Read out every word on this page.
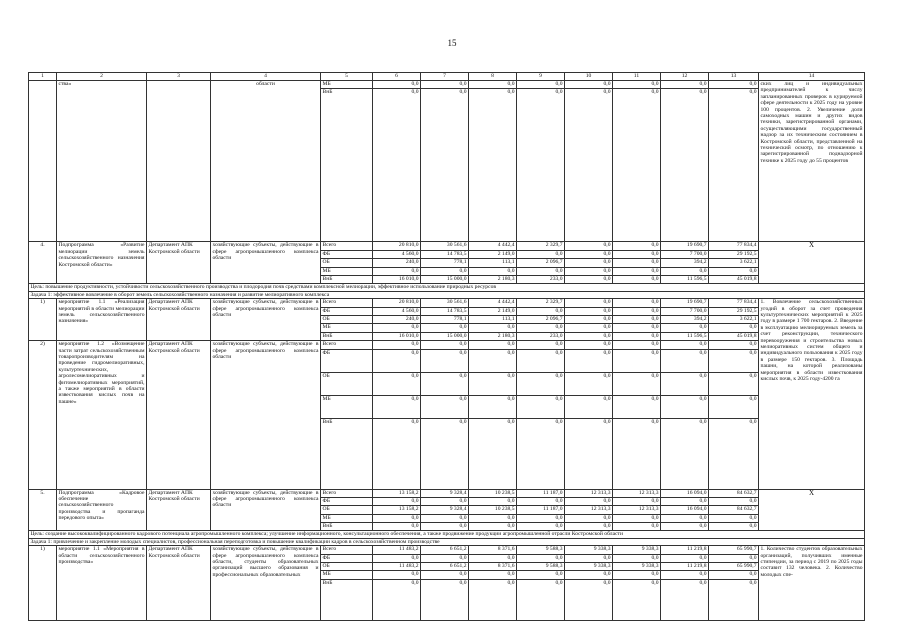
15
1	2	3	4	5	6	7	8	9	10	11	12	13	14
	ства»		области	МБ	0,0	0,0	0,0	0,0	0,0	0,0	0,0	0,0	ских лиц и индивидуальных предпринимателей к числу запланированных проверок в курируемой сфере деятельности к 2025 году на уровне 100 процентов. 2. Увеличение доли самоходных машин и других видов техники, зарегистрированной органами, осуществляющими государственный надзор за их техническим состоянием в Костромской области, представленной на технический осмотр, по отношению к зарегистрированной поднадзорной технике к 2025 году до 55 процентов
				ВнБ	0,0	0,0	0,0	0,0	0,0	0,0	0,0	0,0	
4.	Подпрограмма «Развитие мелиорации земель сельскохозяйственного назначения Костромской области»	Департамент АПК Костромской области	хозяйствующие субъекты, действующие в сфере агропромышленного комплекса области	Всего	20 810,0	30 561,6	4 442,4	2 329,7	0,0	0,0	19 690,7	77 834,4	Х
				ФБ	4 560,0	14 783,5	2 149,0	0,0	0,0	0,0	7 700,0	29 192,5	
				ОБ	240,0	778,1	113,1	2 096,7	0,0	0,0	394,2	3 622,1	
				МБ	0,0	0,0	0,0	0,0	0,0	0,0	0,0	0,0	
				ВнБ	16 010,0	15 000,0	2 180,3	233,0	0,0	0,0	11 596,5	45 019,8	
Цель: повышение продуктивности, устойчивости сельскохозяйственного производства и плодородия почв средствами комплексной мелиорации, эффективное использование природных ресурсов													
Задача 1: эффективное вовлечение в оборот земель сельскохозяйственного назначения и развитие мелиоративного комплекса													
1)	мероприятие 1.1 «Реализация мероприятий в области мелиорации земель сельскохозяйственного назначения»	Департамент АПК Костромской области	хозяйствующие субъекты, действующие в сфере агропромышленного комплекса области	Всего	20 810,0	30 561,6	4 442,4	2 329,7	0,0	0,0	19 690,7	77 834,4	1. Вовлечение сельскохозяйственных угодий в оборот за счет проведения культуртехнических мероприятий к 2025 году в размере 1 700 гектаров. 2. Введение в эксплуатацию мелиорируемых земель за счет реконструкции, технического перевооружения и строительства новых мелиоративных систем общего и индивидуального пользования к 2025 году в размере 150 гектаров. 3. Площадь пашни, на которой реализованы мероприятия в области известкования кислых почв, к 2025 году-4200 га
				ФБ	4 560,0	14 783,5	2 149,0	0,0	0,0	0,0	7 700,0	29 192,5	
				ОБ	240,0	778,1	113,1	2 096,7	0,0	0,0	394,2	3 622,1	
				МБ	0,0	0,0	0,0	0,0	0,0	0,0	0,0	0,0	
				ВнБ	16 010,0	15 000,0	2 180,3	233,0	0,0	0,0	11 596,5	45 019,8	
2)	мероприятие 1.2 «Возмещение части затрат сельскохозяйственным товаропроизводителям на проведение гидромелиоративных, культуртехнических, агролесомелиоративных и фитомелиоративных мероприятий, а также мероприятий в области известкования кислых почв на пашне»	Департамент АПК Костромской области	хозяйствующие субъекты, действующие в сфере агропромышленного комплекса области	Всего	0,0	0,0	0,0	0,0	0,0	0,0	0,0	0,0	
				ФБ	0,0	0,0	0,0	0,0	0,0	0,0	0,0	0,0	
				ОБ	0,0	0,0	0,0	0,0	0,0	0,0	0,0	0,0	
				МБ	0,0	0,0	0,0	0,0	0,0	0,0	0,0	0,0	
				ВнБ	0,0	0,0	0,0	0,0	0,0	0,0	0,0	0,0	
5.	Подпрограмма «Кадровое обеспечение сельскохозяйственного производства и пропаганда передового опыта»	Департамент АПК Костромской области	хозяйствующие субъекты, действующие в сфере агропромышленного комплекса области	Всего	13 158,2	9 328,4	10 238,5	11 187,0	12 313,3	12 313,3	16 094,0	84 632,7	Х
				ФБ	0,0	0,0	0,0	0,0	0,0	0,0	0,0	0,0	
				ОБ	13 158,2	9 328,4	10 238,5	11 187,0	12 313,3	12 313,3	16 094,0	84 632,7	
				МБ	0,0	0,0	0,0	0,0	0,0	0,0	0,0	0,0	
				ВнБ	0,0	0,0	0,0	0,0	0,0	0,0	0,0	0,0	
Цель: создание высококвалифицированного кадрового потенциала агропромышленного комплекса; улучшение информационного, консультационного обеспечения, а также продвижение продукции агропромышленной отрасли Костромской области													
Задача 1: привлечение и закрепление молодых специалистов, профессиональная переподготовка и повышение квалификации кадров в сельскохозяйственном производстве													
1)	мероприятие 1.1 «Мероприятия в области сельскохозяйственного производства»	Департамент АПК Костромской области	хозяйствующие субъекты, действующие в сфере агропромышленного комплекса области, студенты образовательных организаций высшего образования и профессиональных образовательных	Всего	11 483,2	6 651,2	8 371,6	9 588,3	9 338,3	9 338,3	11 219,8	65 990,7	1. Количество студентов образовательных организаций, получивших именные стипендии, за период с 2019 по 2025 годы составит 132 человека. 2. Количество молодых спе-
				ФБ	0,0	0,0	0,0	0,0	0,0	0,0	0,0	0,0	
				ОБ	11 483,2	6 651,2	8 371,6	9 588,3	9 338,3	9 338,3	11 219,8	65 990,7	
				МБ	0,0	0,0	0,0	0,0	0,0	0,0	0,0	0,0	
				ВнБ	0,0	0,0	0,0	0,0	0,0	0,0	0,0	0,0	
